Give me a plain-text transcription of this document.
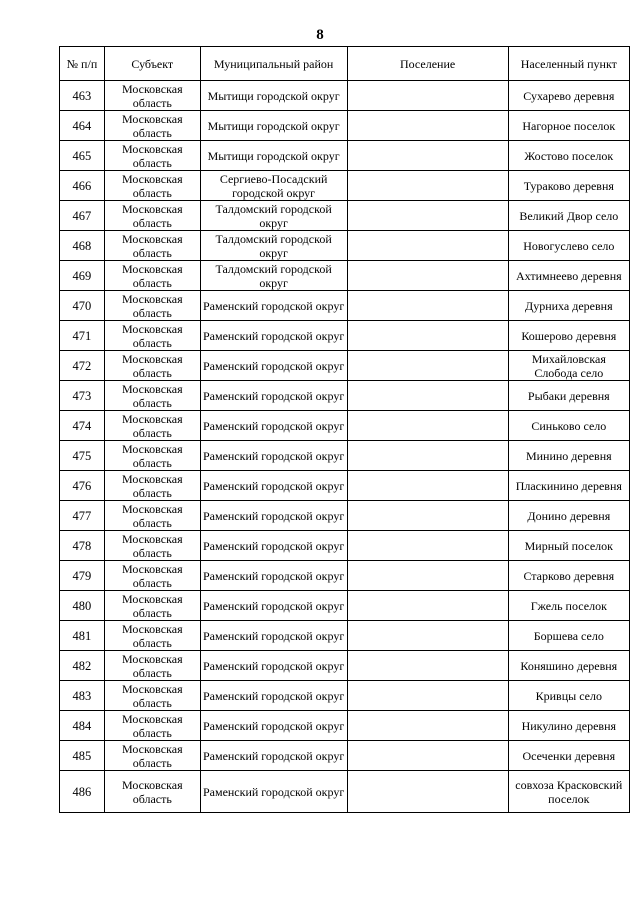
8
№ п/п	Субъект	Муниципальный район	Поселение	Населенный пункт
463	Московская область	Мытищи городской округ		Сухарево деревня
464	Московская область	Мытищи городской округ		Нагорное поселок
465	Московская область	Мытищи городской округ		Жостово поселок
466	Московская область	Сергиево-Посадский городской округ		Тураково деревня
467	Московская область	Талдомский городской округ		Великий Двор село
468	Московская область	Талдомский городской округ		Новогуслево село
469	Московская область	Талдомский городской округ		Ахтимнеево деревня
470	Московская область	Раменский городской округ		Дурниха деревня
471	Московская область	Раменский городской округ		Кошерово деревня
472	Московская область	Раменский городской округ		Михайловская Слобода село
473	Московская область	Раменский городской округ		Рыбаки деревня
474	Московская область	Раменский городской округ		Синьково село
475	Московская область	Раменский городской округ		Минино деревня
476	Московская область	Раменский городской округ		Пласкинино деревня
477	Московская область	Раменский городской округ		Донино деревня
478	Московская область	Раменский городской округ		Мирный поселок
479	Московская область	Раменский городской округ		Старково деревня
480	Московская область	Раменский городской округ		Гжель поселок
481	Московская область	Раменский городской округ		Боршева село
482	Московская область	Раменский городской округ		Коняшино деревня
483	Московская область	Раменский городской округ		Кривцы село
484	Московская область	Раменский городской округ		Никулино деревня
485	Московская область	Раменский городской округ		Осеченки деревня
486	Московская область	Раменский городской округ		совхоза Красковский поселок
